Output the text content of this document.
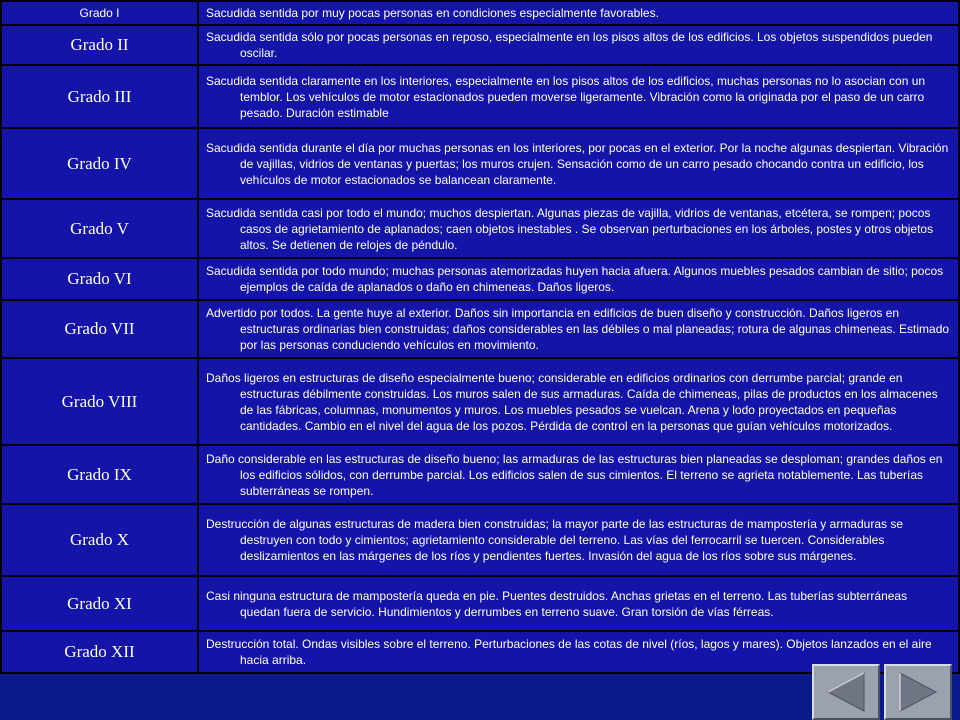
Grado I	Sacudida sentida por muy pocas personas en condiciones especialmente favorables.

Grado II	Sacudida sentida sólo por pocas personas en reposo, especialmente en los pisos altos de los edificios. Los objetos suspendidos pueden oscilar.

Grado III	Sacudida sentida claramente en los interiores, especialmente en los pisos altos de los edificios, muchas personas no lo asocian con un temblor. Los vehículos de motor estacionados pueden moverse ligeramente. Vibración como la originada por el paso de un carro pesado. Duración estimable

Grado IV	Sacudida sentida durante el día por muchas personas en los interiores, por pocas en el exterior. Por la noche algunas despiertan. Vibración de vajillas, vidrios de ventanas y puertas; los muros crujen. Sensación como de un carro pesado chocando contra un edificio, los vehículos de motor estacionados se balancean claramente.

Grado V	Sacudida sentida casi por todo el mundo; muchos despiertan. Algunas piezas de vajilla, vidrios de ventanas, etcétera, se rompen; pocos casos de agrietamiento de aplanados; caen objetos inestables . Se observan perturbaciones en los árboles, postes y otros objetos altos. Se detienen de relojes de péndulo.

Grado VI	Sacudida sentida por todo mundo; muchas personas atemorizadas huyen hacia afuera. Algunos muebles pesados cambian de sitio; pocos ejemplos de caída de aplanados o daño en chimeneas. Daños ligeros.

Grado VII	Advertido por todos. La gente huye al exterior. Daños sin importancia en edificios de buen diseño y construcción. Daños ligeros en estructuras ordinarias bien construidas; daños considerables en las débiles o mal planeadas; rotura de algunas chimeneas. Estimado por las personas conduciendo vehículos en movimiento.

Grado VIII	Daños ligeros en estructuras de diseño especialmente bueno; considerable en edificios ordinarios con derrumbe parcial; grande en estructuras débilmente construidas. Los muros salen de sus armaduras. Caída de chimeneas, pilas de productos en los almacenes de las fábricas, columnas, monumentos y muros. Los muebles pesados se vuelcan. Arena y lodo proyectados en pequeñas cantidades. Cambio en el nivel del agua de los pozos. Pérdida de control en la personas que guían vehículos motorizados.

Grado IX	Daño considerable en las estructuras de diseño bueno; las armaduras de las estructuras bien planeadas se desploman; grandes daños en los edificios sólidos, con derrumbe parcial. Los edificios salen de sus cimientos. El terreno se agrieta notablemente. Las tuberías subterráneas se rompen.

Grado X	Destrucción de algunas estructuras de madera bien construidas; la mayor parte de las estructuras de mampostería y armaduras se destruyen con todo y cimientos; agrietamiento considerable del terreno. Las vías del ferrocarril se tuercen. Considerables deslizamientos en las márgenes de los ríos y pendientes fuertes. Invasión del agua de los ríos sobre sus márgenes.

Grado XI	Casi ninguna estructura de mampostería queda en pie. Puentes destruidos. Anchas grietas en el terreno. Las tuberías subterráneas quedan fuera de servicio. Hundimientos y derrumbes en terreno suave. Gran torsión de vías férreas.

Grado XII	Destrucción total. Ondas visibles sobre el terreno. Perturbaciones de las cotas de nivel (ríos, lagos y mares). Objetos lanzados en el aire hacia arriba.
